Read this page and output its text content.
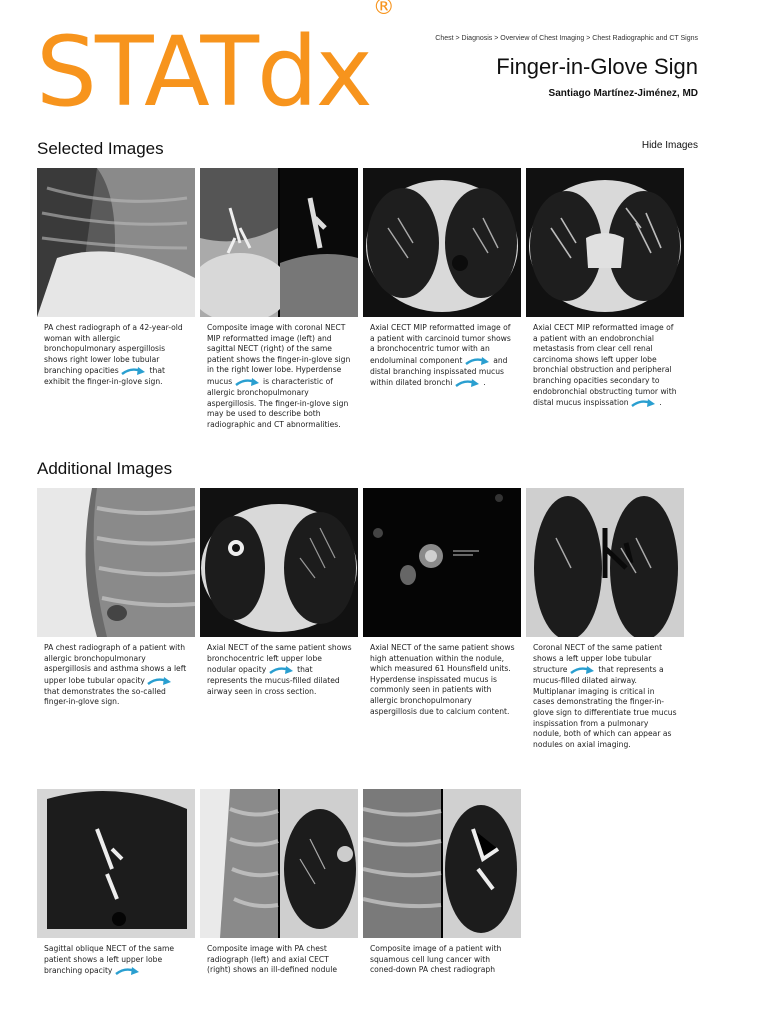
STATdx®
Chest > Diagnosis > Overview of Chest Imaging > Chest Radiographic and CT Signs
Finger-in-Glove Sign
Santiago Martínez-Jiménez, MD
Selected Images	Hide Images
PA chest radiograph of a 42-year-old woman with allergic bronchopulmonary aspergillosis shows right lower lobe tubular branching opacities	that exhibit the finger-in-glove sign.
Composite image with coronal NECT MIP reformatted image (left) and sagittal NECT (right) of the same patient shows the finger-in-glove sign in the right lower lobe. Hyperdense mucus	is characteristic of allergic bronchopulmonary aspergillosis. The finger-in-glove sign may be used to describe both radiographic and CT abnormalities.
Axial CECT MIP reformatted image of a patient with carcinoid tumor shows a bronchocentric tumor with an endoluminal component	and distal branching inspissated mucus within dilated bronchi	.
Axial CECT MIP reformatted image of a patient with an endobronchial metastasis from clear cell renal carcinoma shows left upper lobe bronchial obstruction and peripheral branching opacities secondary to endobronchial obstructing tumor with distal mucus inspissation	.
Additional Images
PA chest radiograph of a patient with allergic bronchopulmonary aspergillosis and asthma shows a left upper lobe tubular opacity
that demonstrates the so-called finger-in-glove sign.
Axial NECT of the same patient shows bronchocentric left upper lobe nodular opacity	that represents the mucus-filled dilated airway seen in cross section.
Axial NECT of the same patient shows high attenuation within the nodule, which measured 61 Hounsfield units. Hyperdense inspissated mucus is commonly seen in patients with allergic bronchopulmonary aspergillosis due to calcium content.
Coronal NECT of the same patient shows a left upper lobe tubular structure	that represents a mucus-filled dilated airway. Multiplanar imaging is critical in cases demonstrating the finger-in-glove sign to differentiate true mucus inspissation from a pulmonary nodule, both of which can appear as nodules on axial imaging.
Sagittal oblique NECT of the same patient shows a left upper lobe branching opacity
Composite image with PA chest radiograph (left) and axial CECT (right) shows an ill-defined nodule
Composite image of a patient with squamous cell lung cancer with coned-down PA chest radiograph
